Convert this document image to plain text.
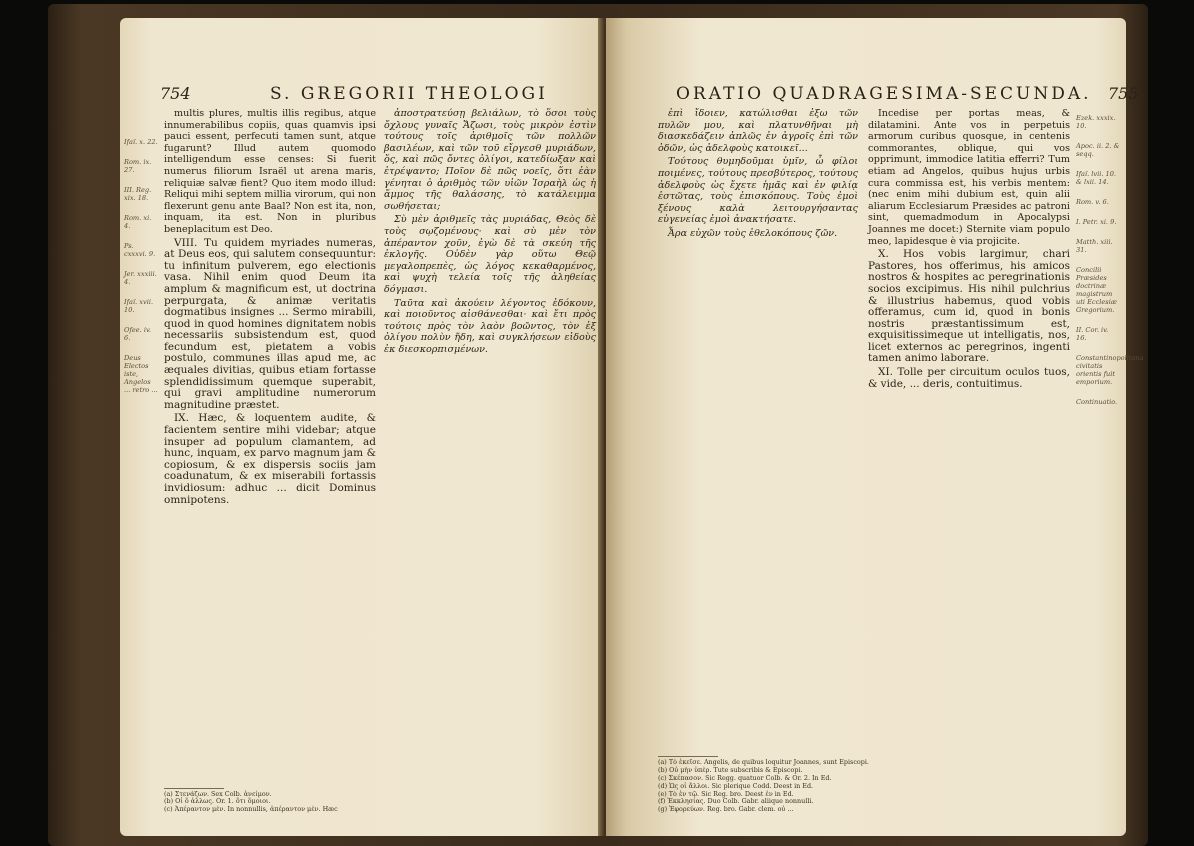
754	S. GREGORII THEOLOGI
Ifaï. x. 22.
Rom. ix. 27.
III. Reg. xix. 18.
Rom. xi. 4.
Ps. cxxxvi. 9.
Jer. xxxiii. 4.
Ifaï. xvii. 10.
Ofee. iv. 6.
Deus Electos iste, Angelos ... retro ...

multis plures, multis illis regibus, atque innumerabilibus copiis, quas quamvis ipsi pauci essent, perfecuti tamen sunt, atque fugarunt? Illud autem quomodo intelligendum esse censes: Si fuerit numerus filiorum Israël ut arena maris, reliquiæ salvæ fient? Quo item modo illud: Reliqui mihi septem millia virorum, qui non flexerunt genu ante Baal? Non est ita, non, inquam, ita est. Non in pluribus beneplacitum est Deo.

VIII. Tu quidem myriades numeras, at Deus eos, qui salutem consequuntur: tu infinitum pulverem, ego electionis vasa. Nihil enim quod Deum ita amplum & magnificum est, ut doctrina perpurgata, & animæ veritatis dogmatibus insignes ... Sermo mirabili, quod in quod homines dignitatem nobis necessariis subsistendum est, quod fecundum est, pietatem a vobis postulo, communes illas apud me, ac æquales divitias, quibus etiam fortasse splendidissimum quemque superabit, qui gravi amplitudine numerorum magnitudine præstet.

IX. Hæc, & loquentem audite, & facientem sentire mihi videbar; atque insuper ad populum clamantem, ad hunc, inquam, ex parvo magnum jam & copiosum, & ex dispersis sociis jam coadunatum, & ex miserabili fortassis invidiosum: adhuc ... dicit Dominus omnipotens.

ἀποστρατεύσῃ βελιάλων, τὸ ὅσοι τοὺς ὄχλους γυναῖς Ἄζωσι, τοὺς μικρὸν ἐστὶν τούτους τοῖς ἀριθμοῖς τῶν πολλῶν βασιλέων, καὶ τῶν τοῦ εἴργεσθ μυριάδων, ὅς, καὶ πῶς ὄντες ὀλίγοι, κατεδίωξαν καὶ ἐτρέψαντο; Ποῖον δὲ πῶς νοεῖς, ὅτι ἐὰν γένηται ὁ ἀριθμὸς τῶν υἱῶν Ἰσραὴλ ὡς ἡ ἄμμος τῆς θαλάσσης, τὸ κατάλειμμα σωθήσεται;

Σὺ μὲν ἀριθμεῖς τὰς μυριάδας, Θεὸς δὲ τοὺς σῳζομένους· καὶ σὺ μὲν τὸν ἀπέραντον χοῦν, ἐγὼ δὲ τὰ σκεύη τῆς ἐκλογῆς. Οὐδὲν γὰρ οὕτω Θεῷ μεγαλοπρεπὲς, ὡς λόγος κεκαθαρμένος, καὶ ψυχὴ τελεία τοῖς τῆς ἀληθείας δόγμασι.

Ταῦτα καὶ ἀκούειν λέγοντος ἐδόκουν, καὶ ποιοῦντος αἰσθάνεσθαι· καὶ ἔτι πρὸς τούτοις πρὸς τὸν λαὸν βοῶντος, τὸν ἐξ ὀλίγου πολὺν ἤδη, καὶ συγκλήσεων εἰδοὺς ἐκ διεσκορπισμένων.

(a) Στενάζων. Sex Colb. ἀνείμον.
(b) Οἱ ὅ ἀλλως. Or. 1. ὅτι ὅμοιοι.
(c) Ἀπέραντον μὲν. In nonnullis, ἀπέραντον μὲν. Hæc
ORATIO QUADRAGESIMA-SECUNDA. 755

ἐπὶ ἴδοιεν, κατώλισθαι ἐξω τῶν πυλῶν μου, καὶ πλατυνθῆναι μὴ διασκεδάζειν ἁπλῶς ἐν ἀγροῖς ἐπὶ τῶν ὁδῶν, ὡς ἀδελφοὺς κατοικεῖ...

Τούτους θυμηδοῦμαι ὑμῖν, ὦ φίλοι ποιμένες, τούτους πρεσβύτερος, τούτους ἀδελφοὺς ὡς ἔχετε ἡμᾶς καὶ ἐν φιλίᾳ ἑστῶτας, τοὺς ἐπισκόπους. Τοὺς ἐμοὶ ξένους καλὰ λειτουργήσαντας εὐγενείας ἐμοὶ ἀνακτήσατε.

Ἆρα εὐχῶν τοὺς ἐθελοκόπους ζῶν.

Incedise per portas meas, & dilatamini. Ante vos in perpetuis armorum curibus quosque, in centenis commorantes, oblique, qui vos opprimunt, immodice latitia efferri? Tum etiam ad Angelos, quibus hujus urbis cura commissa est, his verbis mentem: (nec enim mihi dubium est, quin alii aliarum Ecclesiarum Præsides ac patroni sint, quemadmodum in Apocalypsi Joannes me docet:) Sternite viam populo meo, lapidesque è via projicite.

X. Hos vobis largimur, chari Pastores, hos offerimus, his amicos nostros & hospites ac peregrinationis socios excipimus. His nihil pulchrius & illustrius habemus, quod vobis offeramus, cum id, quod in bonis nostris præstantissimum est, exquisitissimeque ut intelligatis, nos, licet externos ac peregrinos, ingenti tamen animo laborare.

XI. Tolle per circuitum oculos tuos, & vide, ... deris, contuitimus.

Ezek. xxxix. 10.
Apoc. ii. 2. & seqq.
Ifaï. lvii. 10. & lxii. 14.
Rom. v. 6.
I. Petr. xi. 9.
Matth. xiii. 31.
Concilii Præsides doctrinæ magistrum uti Ecclesiæ Gregorium.
II. Cor. iv. 16.
Constantinopolitana civitatis orientis fuit emporium.
Continuatio.
(a) Τὸ ἐκεῖσε. Angelis, de quibus loquitur Joannes, sunt Episcopi.
(b) Οὐ μὴν ὑπὲρ. Tute subscribis & Episcopi.
(c) Σκέπασον. Sic Regg. quatuor Colb. & Or. 2. In Ed.
(d) Ὡς οἱ ἄλλοι. Sic plerique Codd. Deest in Ed.
(e) Τὸ ἐν τῷ. Sic Reg. bro. Deest ἐν in Ed.
(f) Ἐκκλησίας. Duo Colb. Gabr. aliique nonnulli.
(g) Ἐφορεύων. Reg. bro. Gabr. clem. οὐ ...
